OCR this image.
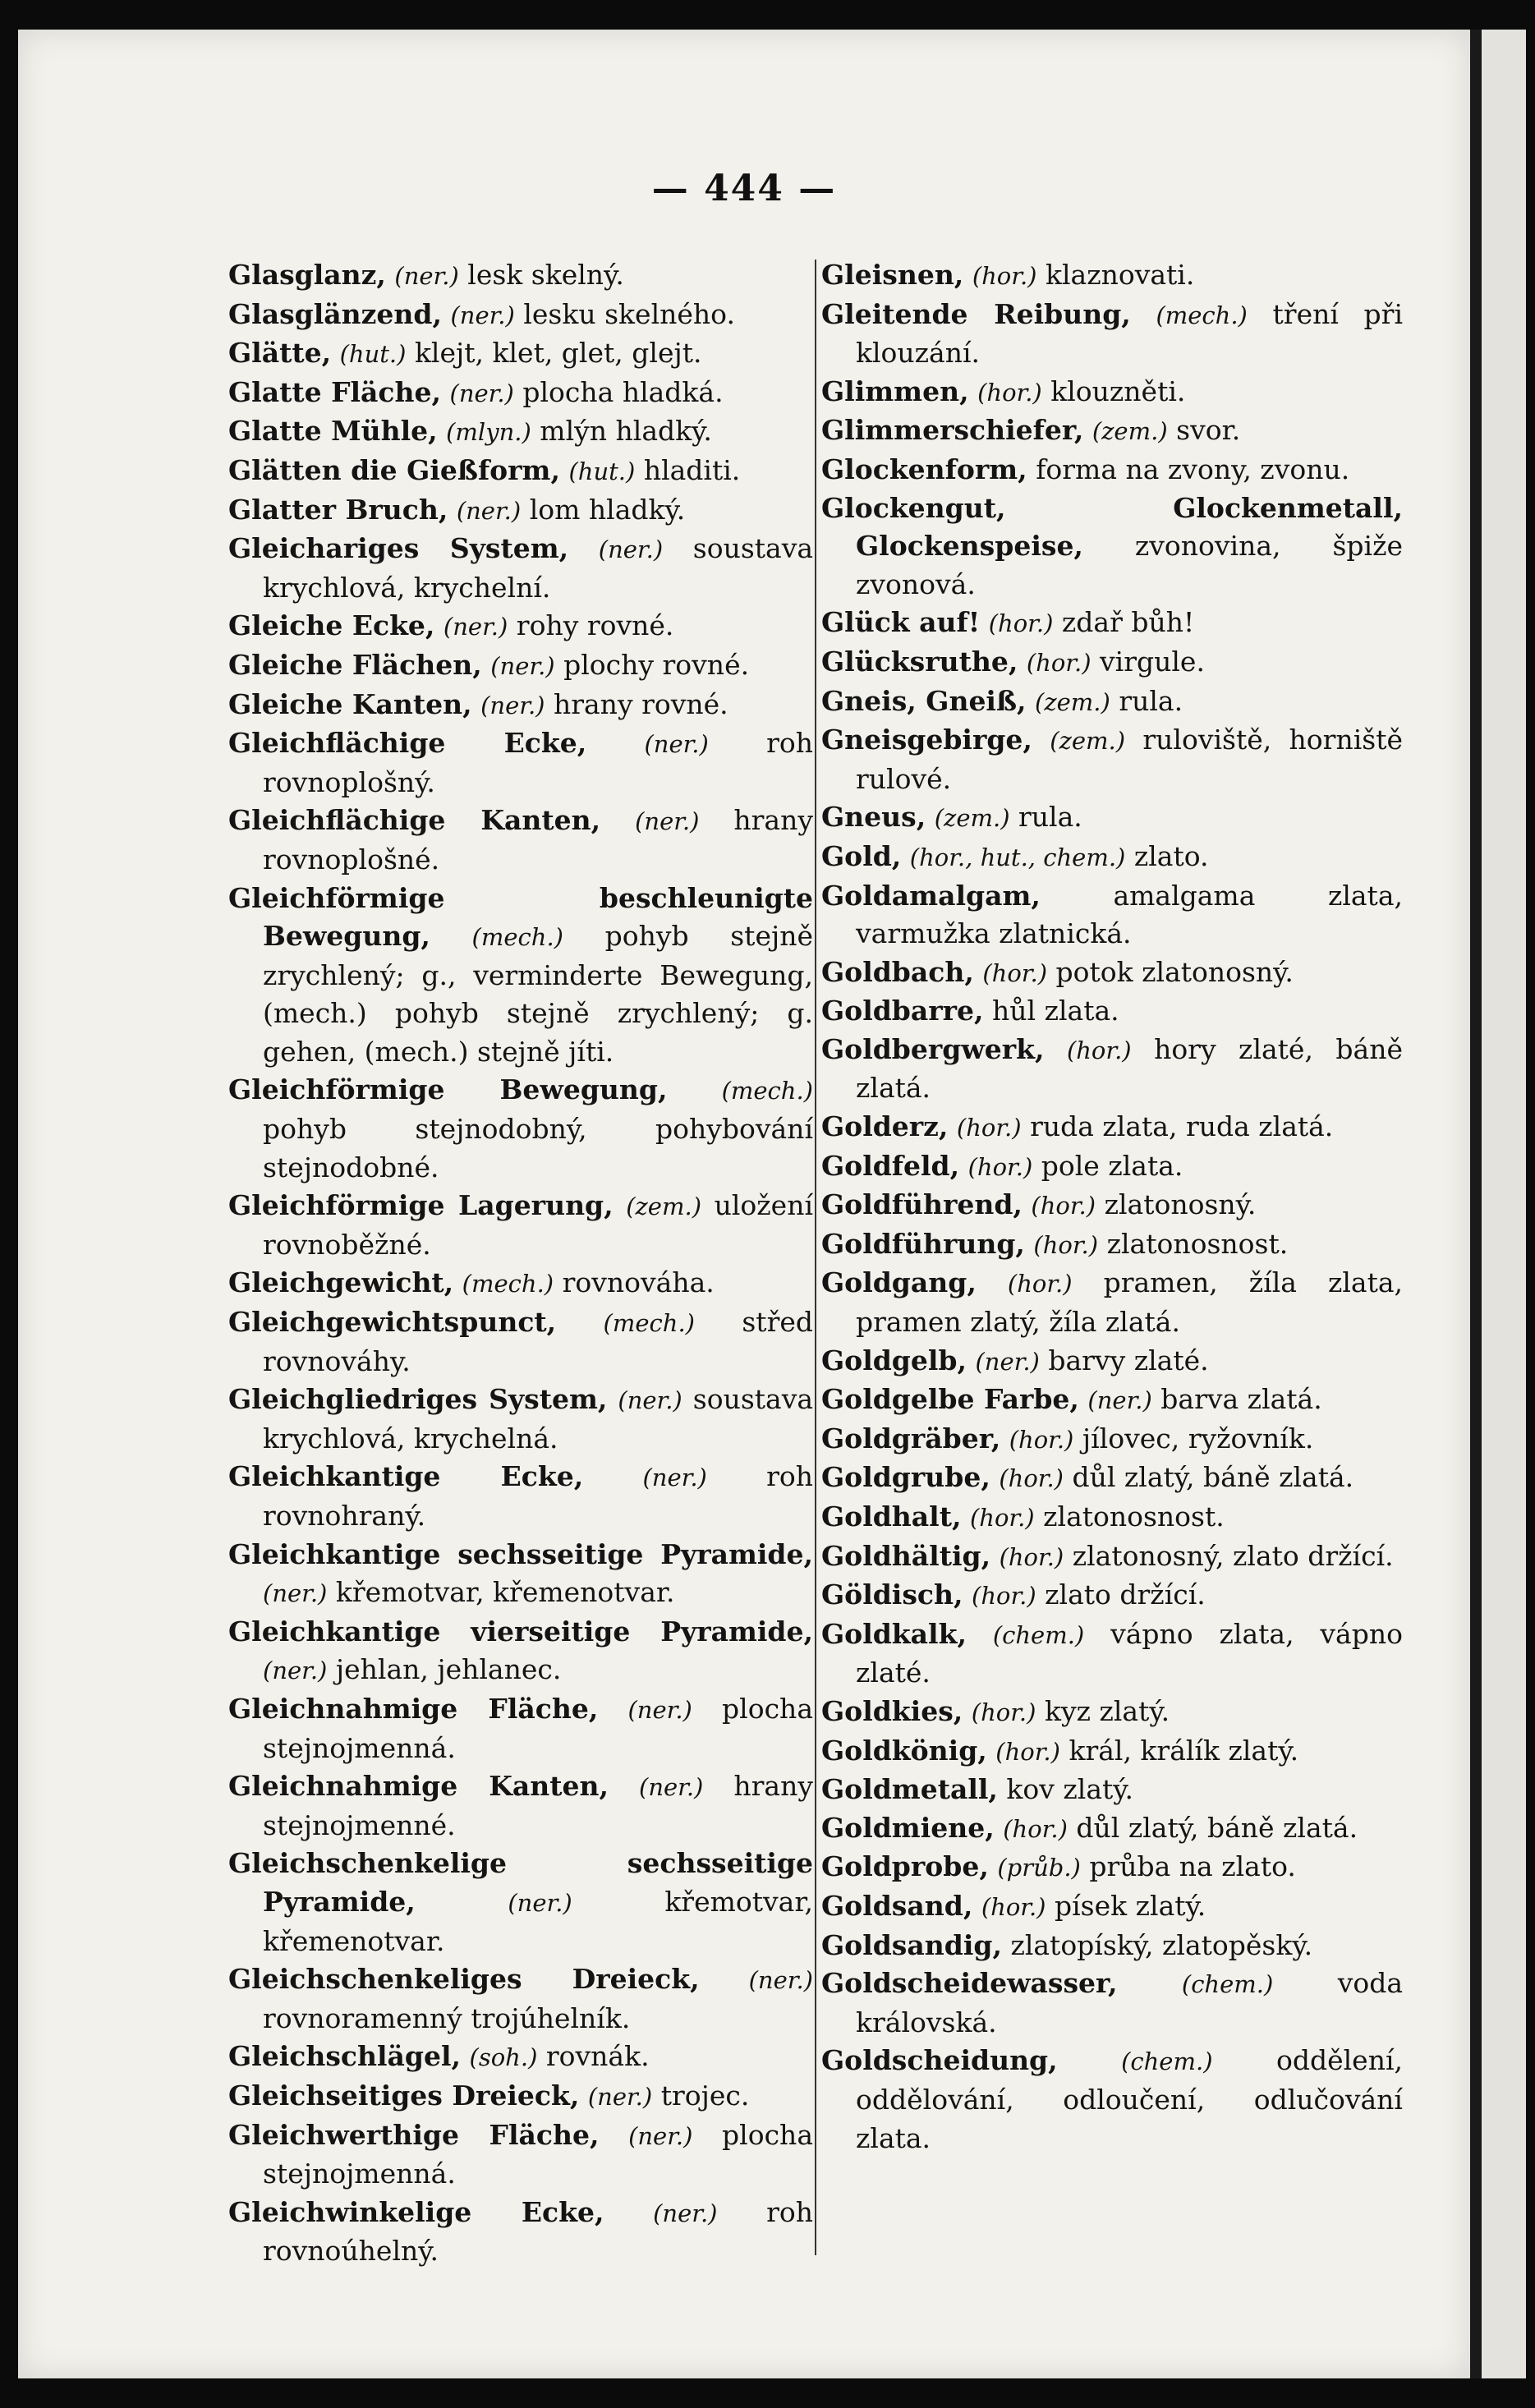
— 444 —

Glasglanz, (ner.) lesk skelný.

Glasglänzend, (ner.) lesku skelného.

Glätte, (hut.) klejt, klet, glet, glejt.

Glatte Fläche, (ner.) plocha hladká.

Glatte Mühle, (mlyn.) mlýn hladký.

Glätten die Gießform, (hut.) hladiti.

Glatter Bruch, (ner.) lom hladký.

Gleichariges System, (ner.) soustava krychlová, krychelní.

Gleiche Ecke, (ner.) rohy rovné.

Gleiche Flächen, (ner.) plochy rovné.

Gleiche Kanten, (ner.) hrany rovné.

Gleichflächige Ecke, (ner.) roh rovnoplošný.

Gleichflächige Kanten, (ner.) hrany rovnoplošné.

Gleichförmige beschleunigte Bewegung, (mech.) pohyb stejně zrychlený; g., verminderte Bewegung, (mech.) pohyb stejně zrychlený; g. gehen, (mech.) stejně jíti.

Gleichförmige Bewegung, (mech.) pohyb stejnodobný, pohybování stejnodobné.

Gleichförmige Lagerung, (zem.) uložení rovnoběžné.

Gleichgewicht, (mech.) rovnováha.

Gleichgewichtspunct, (mech.) střed rovnováhy.

Gleichgliedriges System, (ner.) soustava krychlová, krychelná.

Gleichkantige Ecke, (ner.) roh rovnohraný.

Gleichkantige sechsseitige Pyramide, (ner.) křemotvar, křemenotvar.

Gleichkantige vierseitige Pyramide, (ner.) jehlan, jehlanec.

Gleichnahmige Fläche, (ner.) plocha stejnojmenná.

Gleichnahmige Kanten, (ner.) hrany stejnojmenné.

Gleichschenkelige sechsseitige Pyramide,	(ner.)	křemotvar, křemenotvar.

Gleichschenkeliges Dreieck, (ner.) rovnoramenný trojúhelník.

Gleichschlägel, (soh.) rovnák.

Gleichseitiges Dreieck, (ner.) trojec.

Gleichwerthige Fläche, (ner.) plocha stejnojmenná.

Gleichwinkelige Ecke, (ner.) roh rovnoúhelný.

Gleisnen, (hor.) klaznovati.

Gleitende Reibung, (mech.) tření při klouzání.

Glimmen, (hor.) klouzněti.

Glimmerschiefer, (zem.) svor.

Glockenform, forma na zvony, zvonu.

Glockengut, Glockenmetall, Glockenspeise, zvonovina, špiže zvonová.

Glück auf! (hor.) zdař bůh!

Glücksruthe, (hor.) virgule.

Gneis, Gneiß, (zem.) rula.

Gneisgebirge, (zem.) ruloviště, horniště rulové.

Gneus, (zem.) rula.

Gold, (hor., hut., chem.) zlato.

Goldamalgam,	amalgama zlata, varmužka zlatnická.

Goldbach, (hor.) potok zlatonosný.

Goldbarre, hůl zlata.

Goldbergwerk, (hor.) hory zlaté, báně zlatá.

Golderz, (hor.) ruda zlata, ruda zlatá.

Goldfeld, (hor.) pole zlata.

Goldführend, (hor.) zlatonosný.

Goldführung, (hor.) zlatonosnost.

Goldgang, (hor.) pramen, žíla zlata, pramen zlatý, žíla zlatá.

Goldgelb, (ner.) barvy zlaté.

Goldgelbe Farbe, (ner.) barva zlatá.

Goldgräber, (hor.) jílovec, ryžovník.

Goldgrube, (hor.) důl zlatý, báně zlatá.

Goldhalt, (hor.) zlatonosnost.

Goldhältig, (hor.) zlatonosný, zlato držící.

Göldisch, (hor.) zlato držící.

Goldkalk, (chem.) vápno zlata, vápno zlaté.

Goldkies, (hor.) kyz zlatý.

Goldkönig, (hor.) král, králík zlatý.

Goldmetall, kov zlatý.

Goldmiene, (hor.) důl zlatý, báně zlatá.

Goldprobe, (průb.) průba na zlato.

Goldsand, (hor.) písek zlatý.

Goldsandig, zlatopíský, zlatopěský.

Goldscheidewasser,	(chem.) voda královská.

Goldscheidung,	(chem.) oddělení, oddělování, odloučení, odlučování zlata.
